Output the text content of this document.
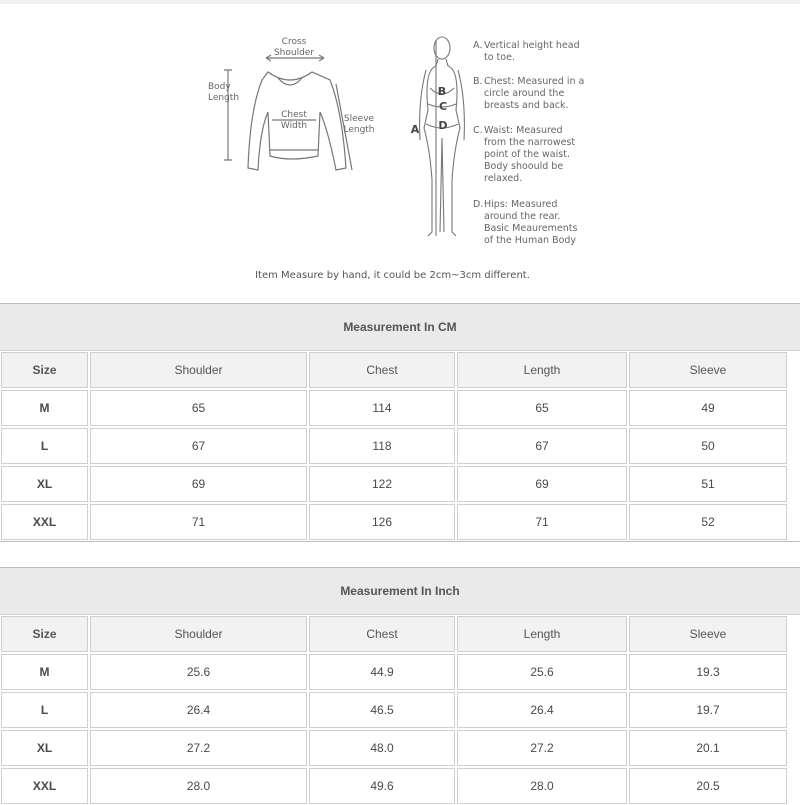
Cross
Shoulder
Body
Length
Chest
Width
Sleeve
Length	A
B
C
D
A. Vertical height head to toe.
B. Chest: Measured in a circle around the breasts and back.
C. Waist: Measured from the narrowest point of the waist. Body shoould be relaxed.
D. Hips: Measured around the rear. Basic Meaurements of the Human Body
Item Measure by hand, it could be 2cm~3cm different.
Measurement In CM
Size	Shoulder	Chest	Length	Sleeve
M	65	114	65	49
L	67	118	67	50
XL	69	122	69	51
XXL	71	126	71	52
Measurement In Inch
Size	Shoulder	Chest	Length	Sleeve
M	25.6	44.9	25.6	19.3
L	26.4	46.5	26.4	19.7
XL	27.2	48.0	27.2	20.1
XXL	28.0	49.6	28.0	20.5
